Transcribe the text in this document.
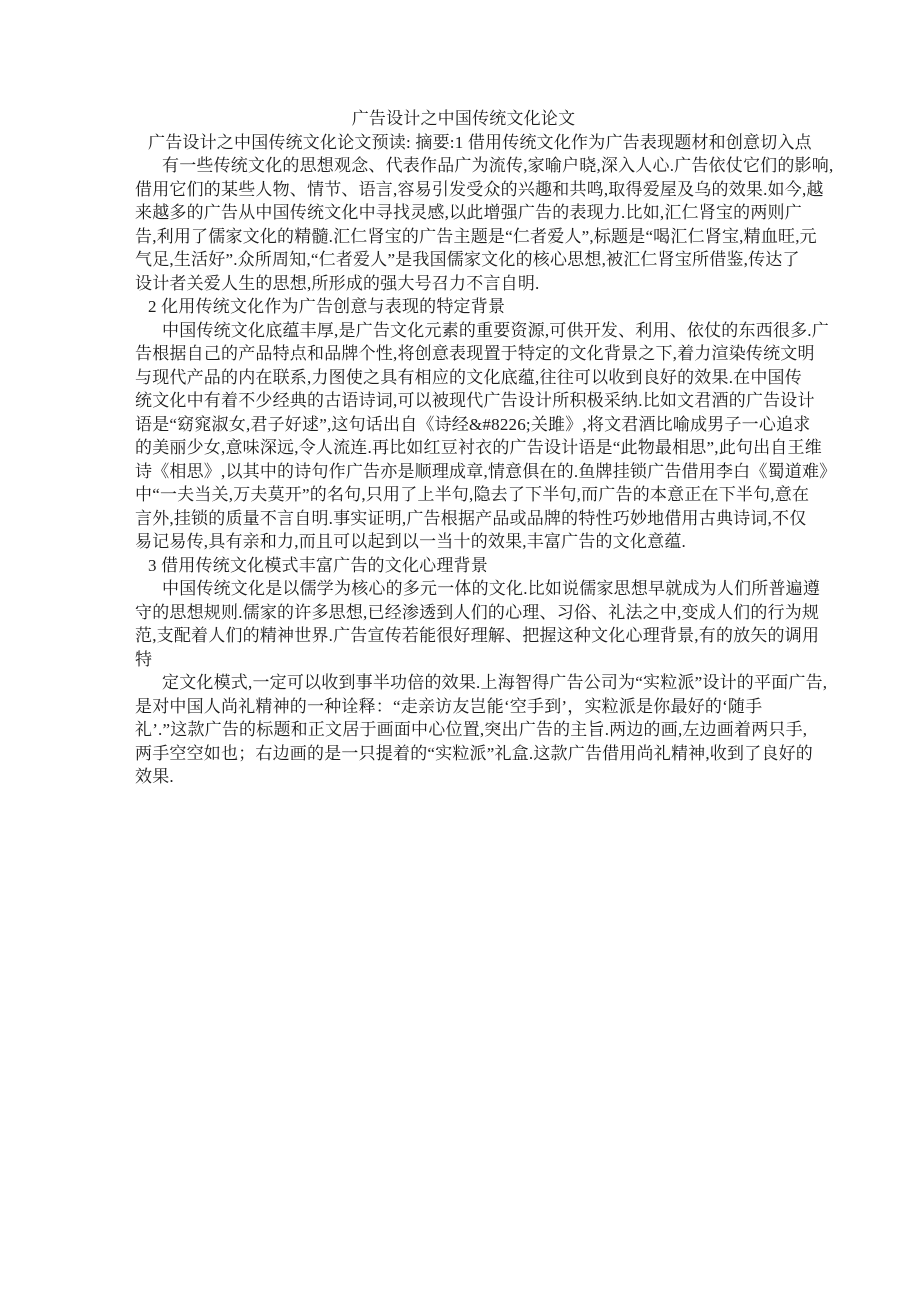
广告设计之中国传统文化论文
广告设计之中国传统文化论文预读: 摘要:1 借用传统文化作为广告表现题材和创意切入点
有一些传统文化的思想观念、代表作品广为流传,家喻户晓,深入人心.广告依仗它们的影响,
借用它们的某些人物、情节、语言,容易引发受众的兴趣和共鸣,取得爱屋及乌的效果.如今,越
来越多的广告从中国传统文化中寻找灵感,以此增强广告的表现力.比如,汇仁肾宝的两则广
告,利用了儒家文化的精髓.汇仁肾宝的广告主题是“仁者爱人”,标题是“喝汇仁肾宝,精血旺,元
气足,生活好”.众所周知,“仁者爱人”是我国儒家文化的核心思想,被汇仁肾宝所借鉴,传达了
设计者关爱人生的思想,所形成的强大号召力不言自明.
2 化用传统文化作为广告创意与表现的特定背景
中国传统文化底蕴丰厚,是广告文化元素的重要资源,可供开发、利用、依仗的东西很多.广
告根据自己的产品特点和品牌个性,将创意表现置于特定的文化背景之下,着力渲染传统文明
与现代产品的内在联系,力图使之具有相应的文化底蕴,往往可以收到良好的效果.在中国传
统文化中有着不少经典的古语诗词,可以被现代广告设计所积极采纳.比如文君酒的广告设计
语是“窈窕淑女,君子好逑”,这句话出自《诗经&#8226;关雎》,将文君酒比喻成男子一心追求
的美丽少女,意味深远,令人流连.再比如红豆衬衣的广告设计语是“此物最相思”,此句出自王维
诗《相思》,以其中的诗句作广告亦是顺理成章,情意俱在的.鱼牌挂锁广告借用李白《蜀道难》
中“一夫当关,万夫莫开”的名句,只用了上半句,隐去了下半句,而广告的本意正在下半句,意在
言外,挂锁的质量不言自明.事实证明,广告根据产品或品牌的特性巧妙地借用古典诗词,不仅
易记易传,具有亲和力,而且可以起到以一当十的效果,丰富广告的文化意蕴.
3 借用传统文化模式丰富广告的文化心理背景
中国传统文化是以儒学为核心的多元一体的文化.比如说儒家思想早就成为人们所普遍遵
守的思想规则.儒家的许多思想,已经渗透到人们的心理、习俗、礼法之中,变成人们的行为规
范,支配着人们的精神世界.广告宣传若能很好理解、把握这种文化心理背景,有的放矢的调用
特
定文化模式,一定可以收到事半功倍的效果.上海智得广告公司为“实粒派”设计的平面广告,
是对中国人尚礼精神的一种诠释：“走亲访友岂能‘空手到’，实粒派是你最好的‘随手
礼’.”这款广告的标题和正文居于画面中心位置,突出广告的主旨.两边的画,左边画着两只手,
两手空空如也；右边画的是一只提着的“实粒派”礼盒.这款广告借用尚礼精神,收到了良好的
效果.
